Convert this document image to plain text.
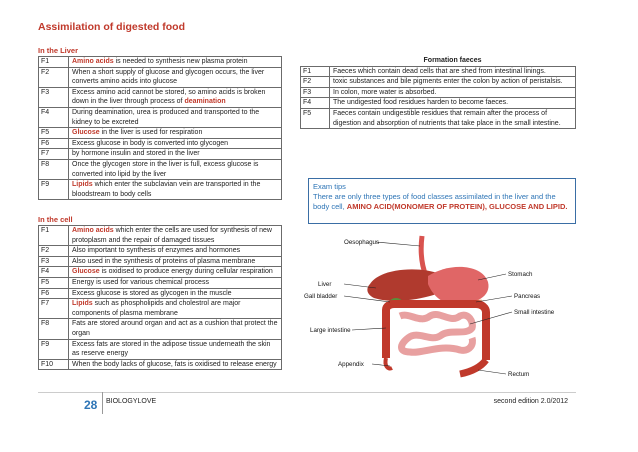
Assimilation of digested food
In the Liver
F1	Amino acids is needed to synthesis new plasma protein
F2	When a short supply of glucose and glycogen occurs, the liver converts amino acids into glucose
F3	Excess amino acid cannot be stored, so amino acids is broken down in the liver through process of deamination
F4	During deamination, urea is produced and transported to the kidney to be excreted
F5	Glucose in the liver is used for respiration
F6	Excess glucose in body is converted into glycogen
F7	by hormone insulin and stored in the liver
F8	Once the glycogen store in the liver is full, excess glucose is converted into lipid by the liver
F9	Lipids which enter the subclavian vein are transported in the bloodstream to body cells
In the cell
F1	Amino acids which enter the cells are used for synthesis of new protoplasm and the repair of damaged tissues
F2	Also important to synthesis of enzymes and hormones
F3	Also used in the synthesis of proteins of plasma membrane
F4	Glucose is oxidised to produce energy during cellular respiration
F5	Energy is used for various chemical process
F6	Excess glucose is stored as glycogen in the muscle
F7	Lipids such as phospholipids and cholestrol are major components of plasma membrane
F8	Fats are stored around organ and act as a cushion that protect the organ
F9	Excess fats are stored in the adipose tissue underneath the skin as reserve energy
F10	When the body lacks of glucose, fats is oxidised to release energy
	Formation faeces
F1	Faeces which contain dead cells that are shed from intestinal linings.
F2	toxic substances and bile pigments enter the colon by action of peristalsis.
F3	In colon, more water is absorbed.
F4	The undigested food residues harden to become faeces.
F5	Faeces contain undigestible residues that remain after the process of digestion and absorption of nutrients that take place in the small intestine.
Exam tips
There are only three types of food classes assimilated in the liver and the body cell, AMINO ACID(MONOMER OF PROTEIN), GLUCOSE AND LIPID.
Oesophagus
Stomach
Liver
Gall bladder	Pancreas
Small intestine
Large intestine
Appendix
Rectum
28 BIOLOGYLOVE	second edition 2.0/2012
